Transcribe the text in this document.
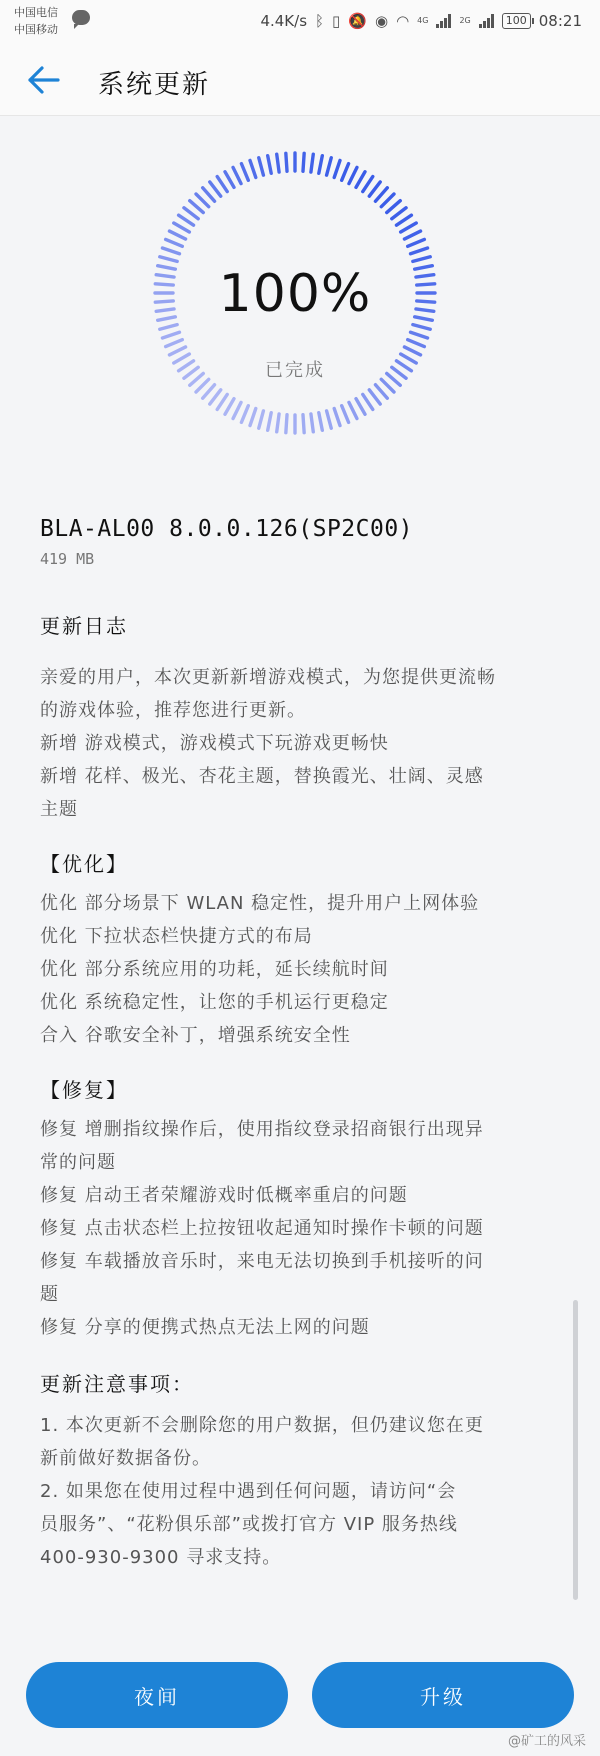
中国电信
中国移动	4.4K/s ᛒ ▯ 🔕 ◉ ◠ 4G	2G	100 08:21
系统更新
100%
已完成
BLA-AL00 8.0.0.126(SP2C00)
419 MB
更新日志
亲爱的用户，本次更新新增游戏模式，为您提供更流畅
的游戏体验，推荐您进行更新。
新增 游戏模式，游戏模式下玩游戏更畅快
新增 花样、极光、杏花主题，替换霞光、壮阔、灵感
主题
【优化】
优化 部分场景下 WLAN 稳定性，提升用户上网体验
优化 下拉状态栏快捷方式的布局
优化 部分系统应用的功耗，延长续航时间
优化 系统稳定性，让您的手机运行更稳定
合入 谷歌安全补丁，增强系统安全性
【修复】
修复 增删指纹操作后，使用指纹登录招商银行出现异
常的问题
修复 启动王者荣耀游戏时低概率重启的问题
修复 点击状态栏上拉按钮收起通知时操作卡顿的问题
修复 车载播放音乐时，来电无法切换到手机接听的问
题
修复 分享的便携式热点无法上网的问题
更新注意事项：
1. 本次更新不会删除您的用户数据，但仍建议您在更
新前做好数据备份。
2. 如果您在使用过程中遇到任何问题，请访问“会
员服务”、“花粉俱乐部”或拨打官方 VIP 服务热线
400-930-9300 寻求支持。
夜间	升级
@矿工的风采
